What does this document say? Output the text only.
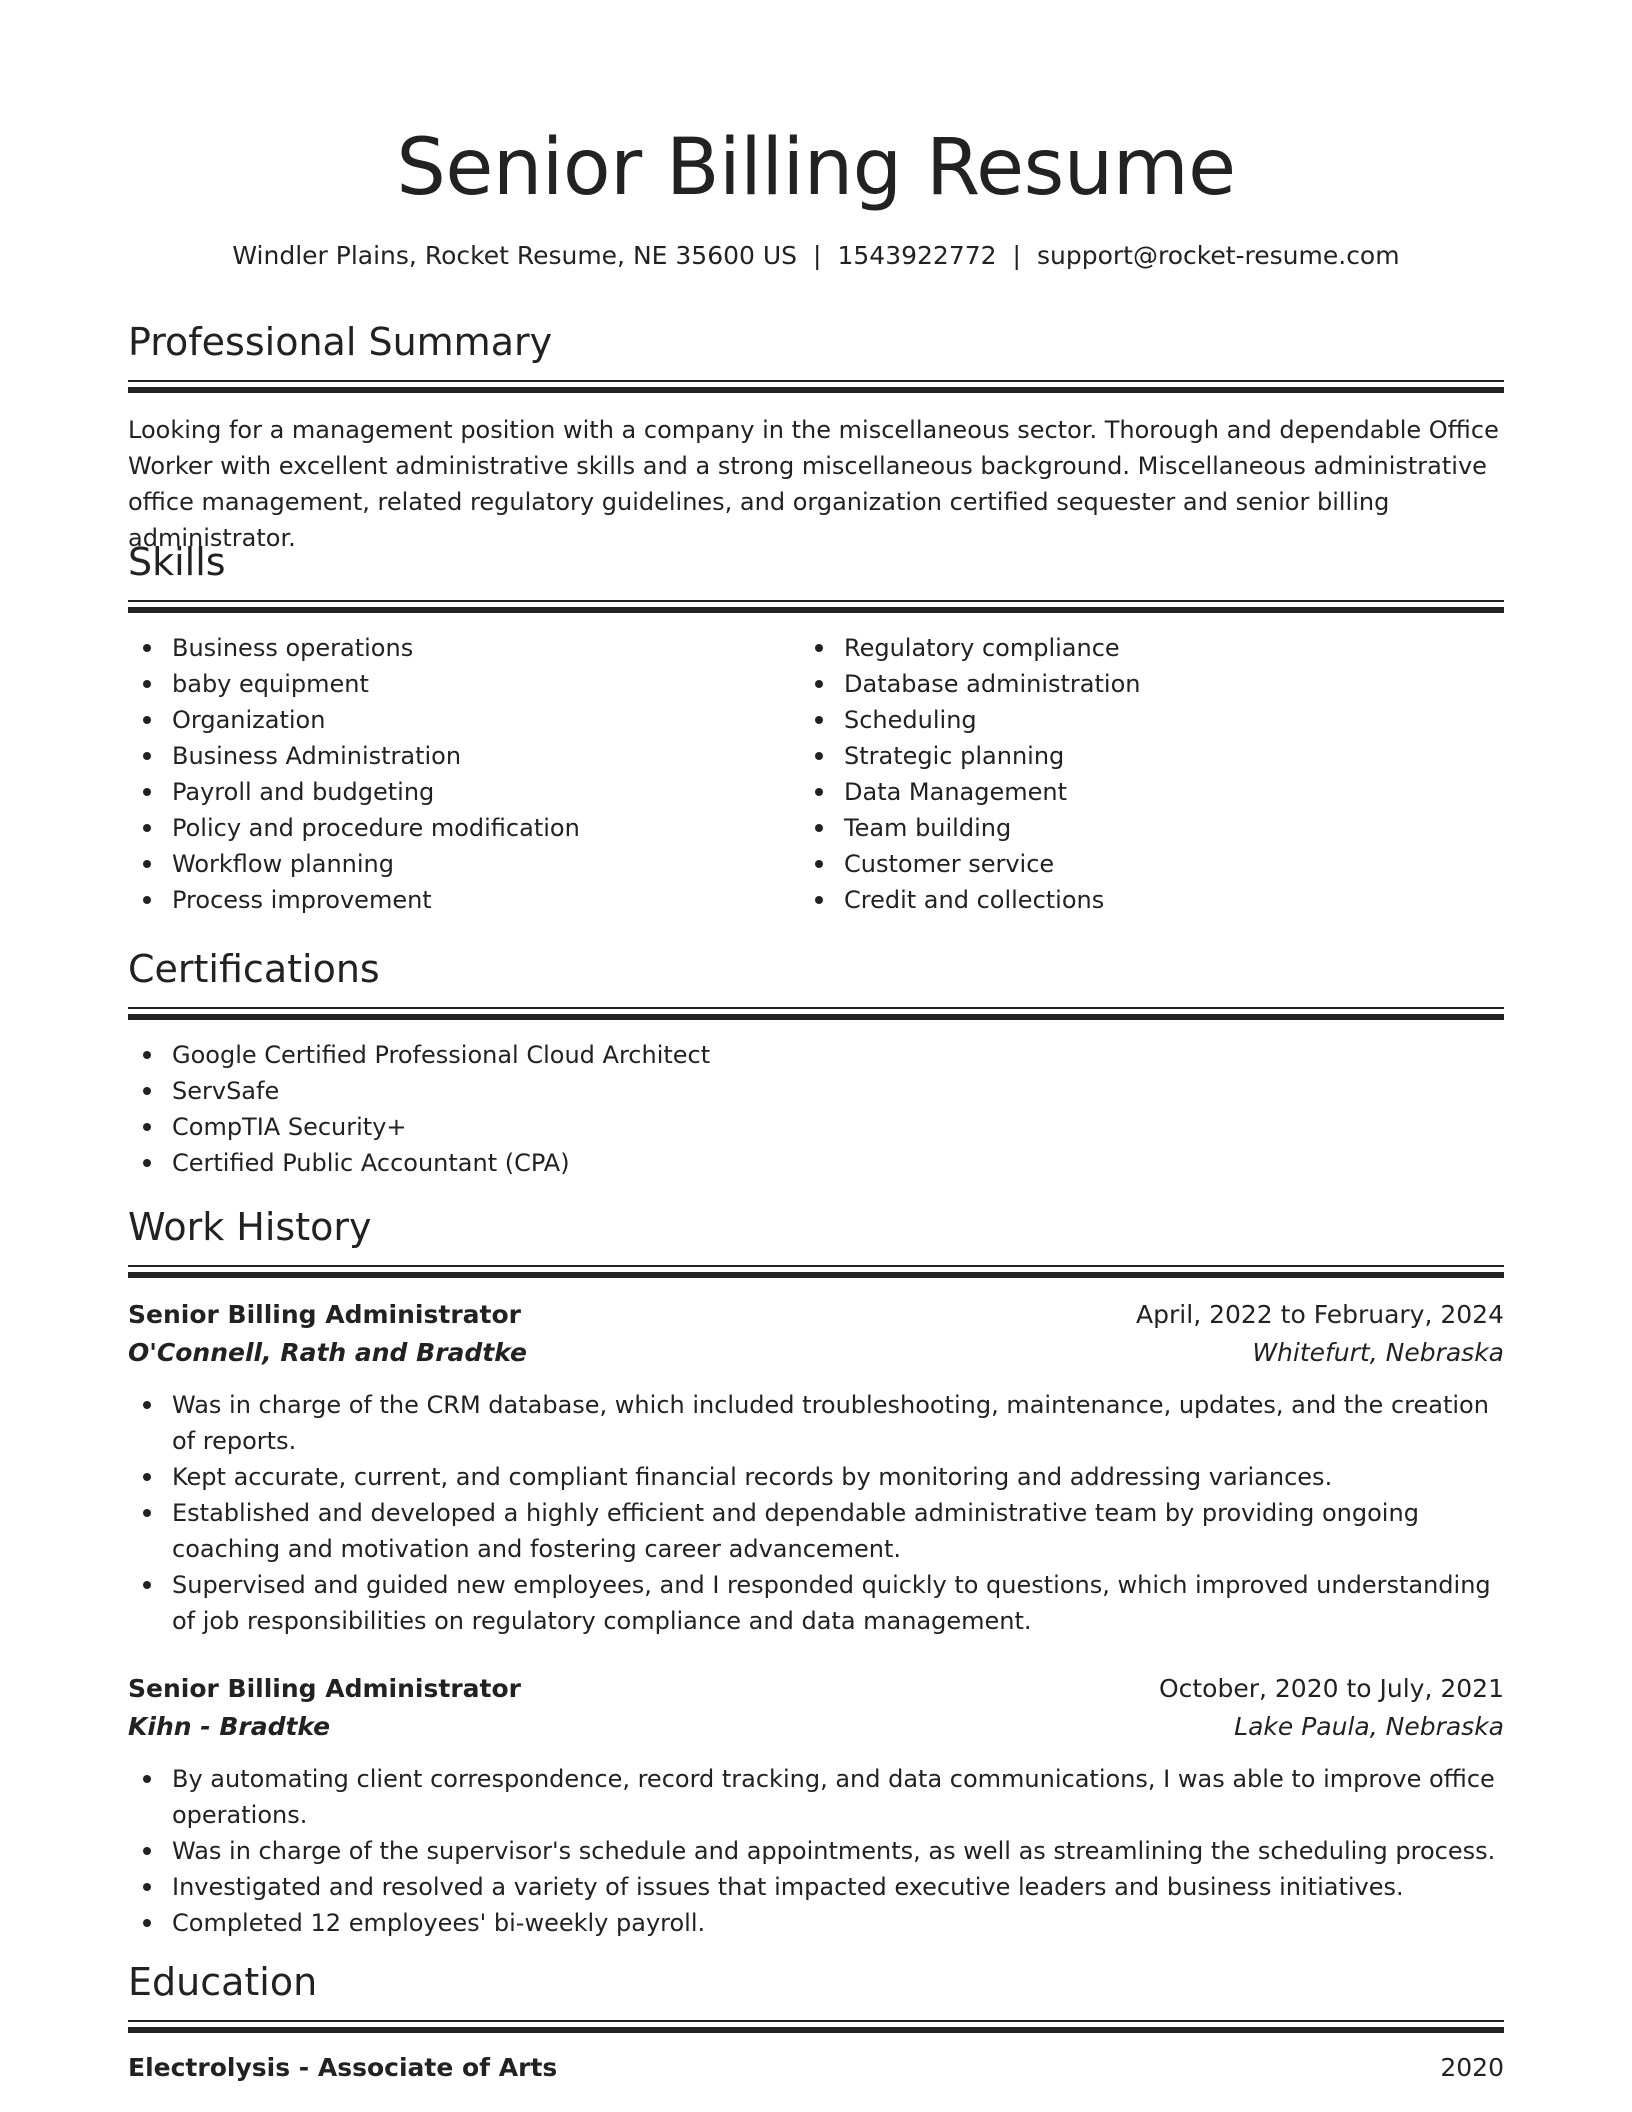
Senior Billing Resume
Windler Plains, Rocket Resume, NE 35600 US | 1543922772 | support@rocket-resume.com
Professional Summary

Looking for a management position with a company in the miscellaneous sector. Thorough and dependable Office Worker with excellent administrative skills and a strong miscellaneous background. Miscellaneous administrative office management, related regulatory guidelines, and organization certified sequester and senior billing administrator.

Skills
Business operations
baby equipment
Organization
Business Administration
Payroll and budgeting
Policy and procedure modification
Workflow planning
Process improvement
Regulatory compliance
Database administration
Scheduling
Strategic planning
Data Management
Team building
Customer service
Credit and collections
Certifications
Google Certified Professional Cloud Architect
ServSafe
CompTIA Security+
Certified Public Accountant (CPA)
Work History
Senior Billing Administrator	April, 2022 to February, 2024
O'Connell, Rath and Bradtke	Whitefurt, Nebraska
Was in charge of the CRM database, which included troubleshooting, maintenance, updates, and the creation of reports.
Kept accurate, current, and compliant financial records by monitoring and addressing variances.
Established and developed a highly efficient and dependable administrative team by providing ongoing coaching and motivation and fostering career advancement.
Supervised and guided new employees, and I responded quickly to questions, which improved understanding of job responsibilities on regulatory compliance and data management.
Senior Billing Administrator	October, 2020 to July, 2021
Kihn - Bradtke	Lake Paula, Nebraska
By automating client correspondence, record tracking, and data communications, I was able to improve office operations.
Was in charge of the supervisor's schedule and appointments, as well as streamlining the scheduling process.
Investigated and resolved a variety of issues that impacted executive leaders and business initiatives.
Completed 12 employees' bi-weekly payroll.
Education
Electrolysis - Associate of Arts	2020
